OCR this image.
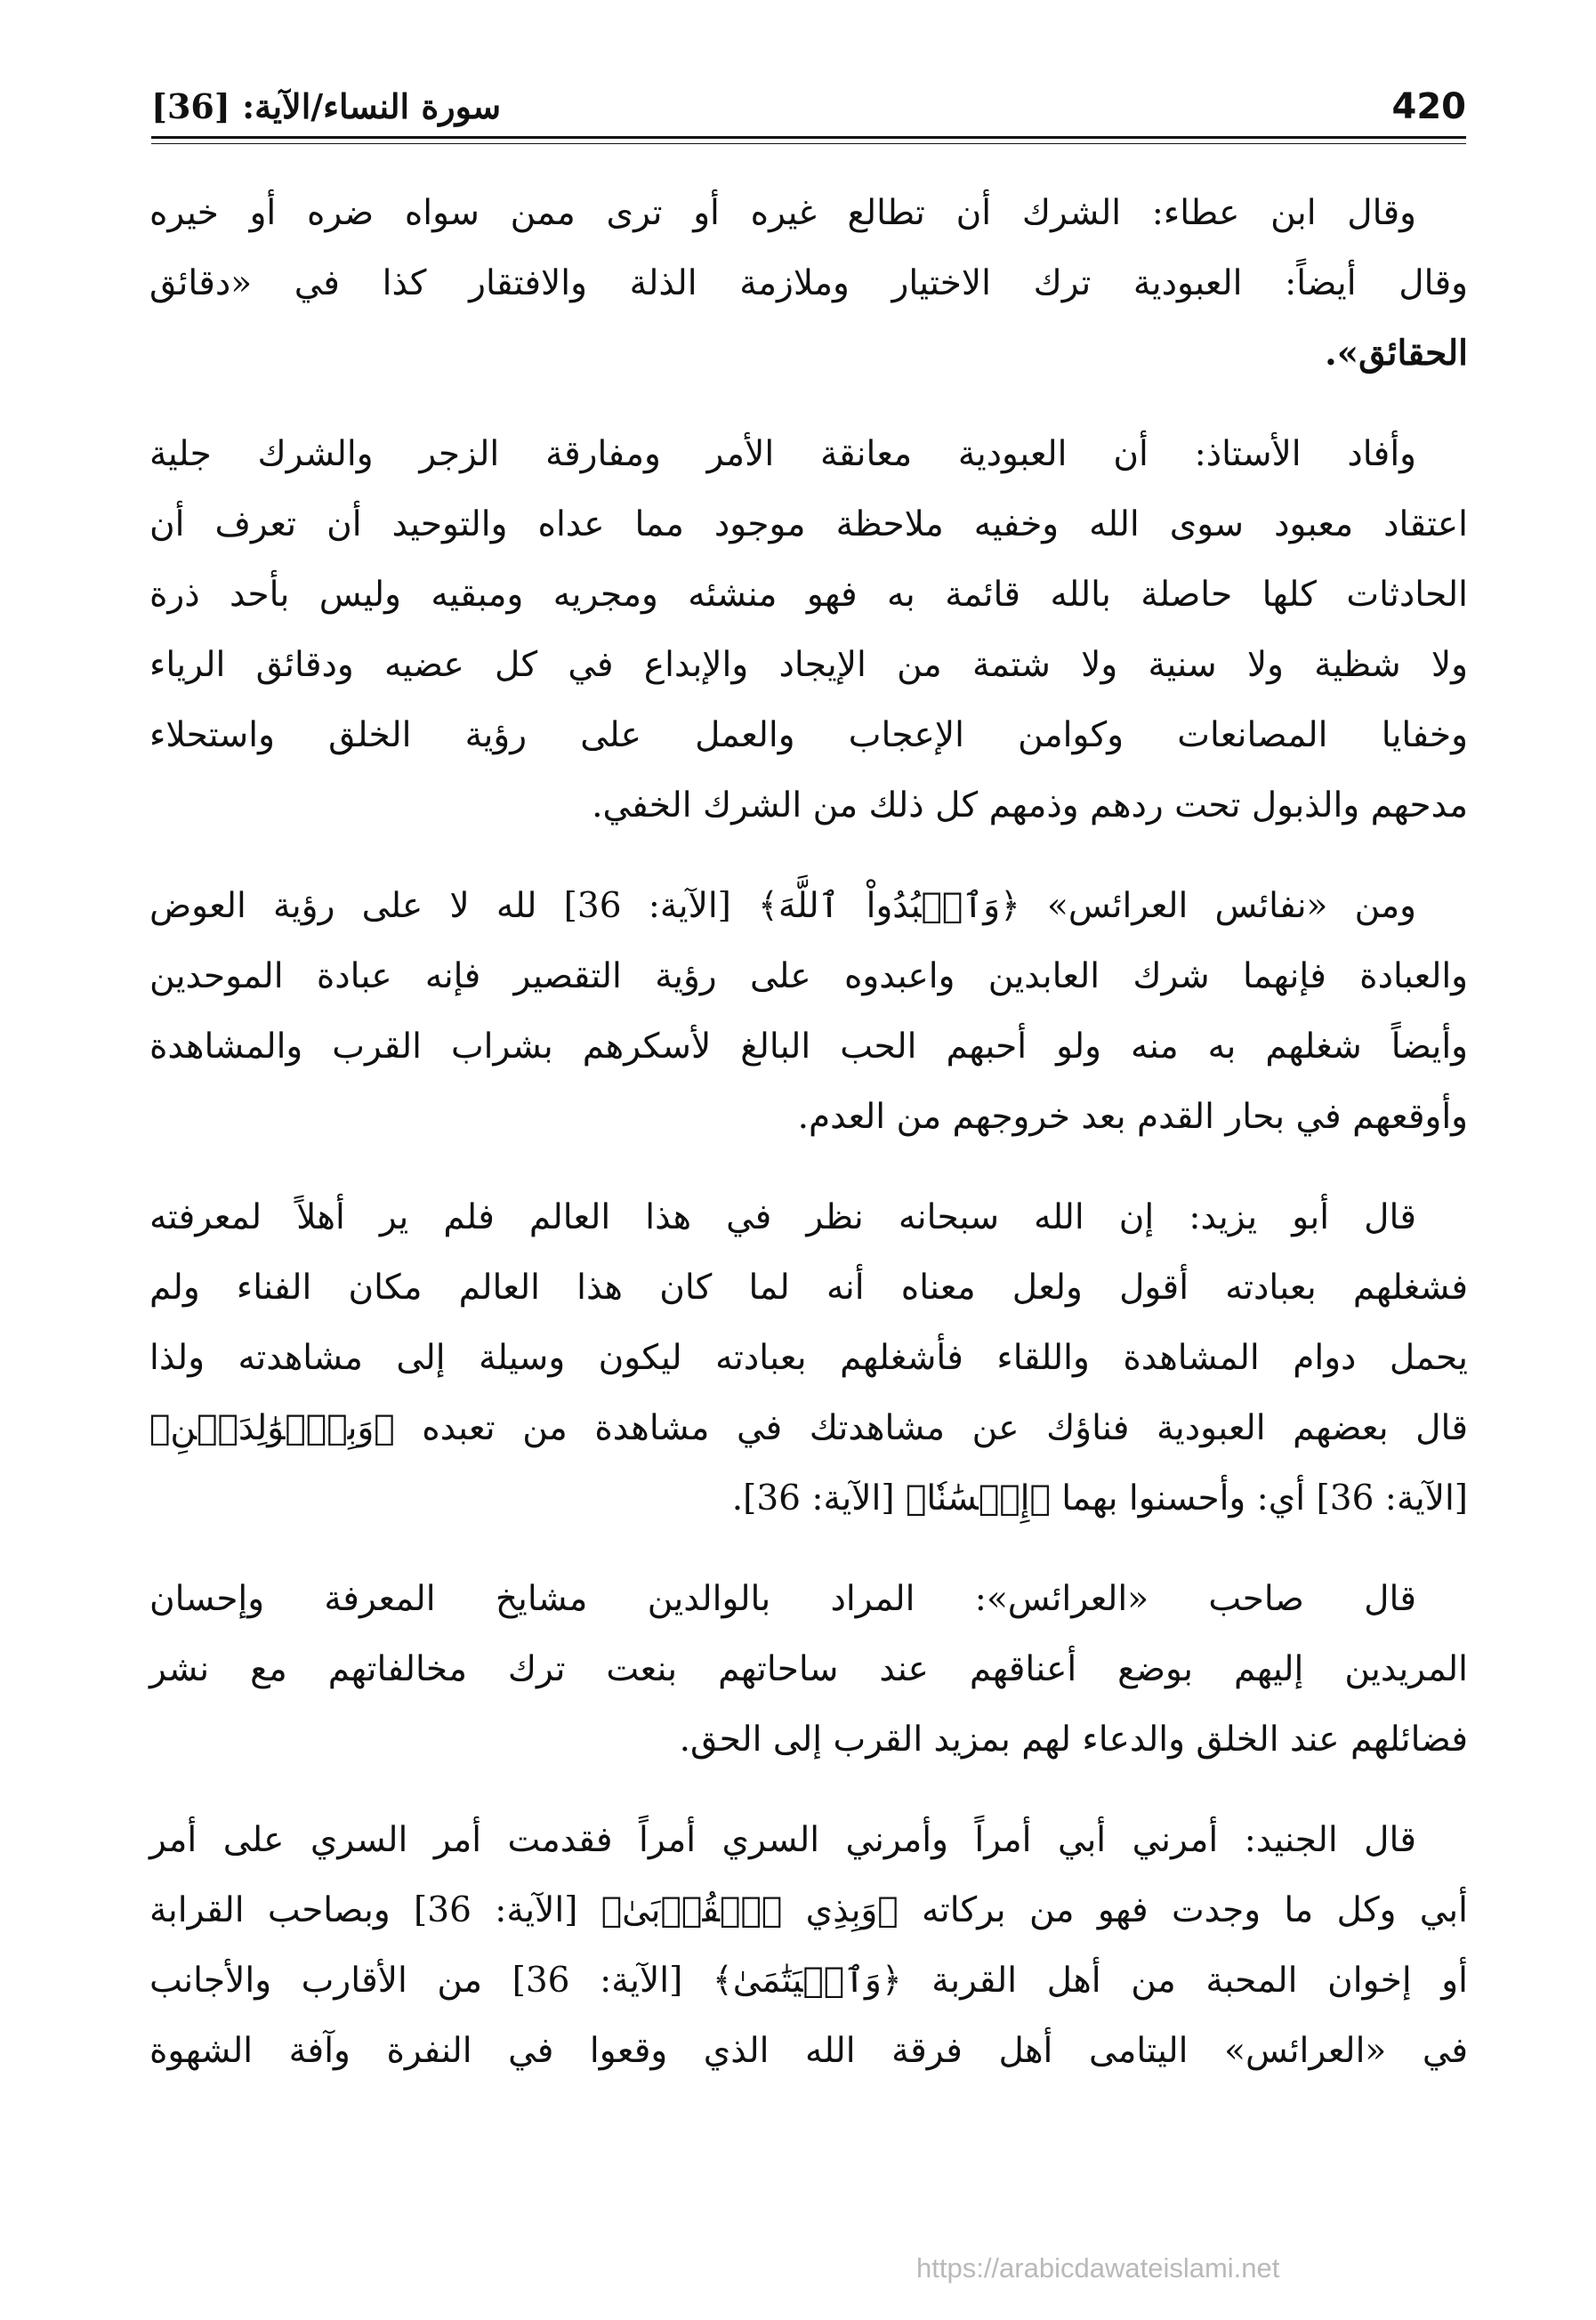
420
سورة النساء/الآية: [36]

وقال ابن عطاء: الشرك أن تطالع غيره أو ترى ممن سواه ضره أو خيره
وقال أيضاً: العبودية ترك الاختيار وملازمة الذلة والافتقار كذا في «دقائق
الحقائق».

وأفاد الأستاذ: أن العبودية معانقة الأمر ومفارقة الزجر والشرك جلية
اعتقاد معبود سوى الله وخفيه ملاحظة موجود مما عداه والتوحيد أن تعرف أن
الحادثات كلها حاصلة بالله قائمة به فهو منشئه ومجريه ومبقيه وليس بأحد ذرة
ولا شظية ولا سنية ولا شتمة من الإيجاد والإبداع في كل عضيه ودقائق الرياء
وخفايا المصانعات وكوامن الإعجاب والعمل على رؤية الخلق واستحلاء
مدحهم والذبول تحت ردهم وذمهم كل ذلك من الشرك الخفي.

ومن «نفائس العرائس» ﴿وَٱعۡبُدُواْ ٱللَّهَ﴾ [الآية: 36] لله لا على رؤية العوض
والعبادة فإنهما شرك العابدين واعبدوه على رؤية التقصير فإنه عبادة الموحدين
وأيضاً شغلهم به منه ولو أحبهم الحب البالغ لأسكرهم بشراب القرب والمشاهدة
وأوقعهم في بحار القدم بعد خروجهم من العدم.

قال أبو يزيد: إن الله سبحانه نظر في هذا العالم فلم ير أهلاً لمعرفته
فشغلهم بعبادته أقول ولعل معناه أنه لما كان هذا العالم مكان الفناء ولم
يحمل دوام المشاهدة واللقاء فأشغلهم بعبادته ليكون وسيلة إلى مشاهدته ولذا
قال بعضهم العبودية فناؤك عن مشاهدتك في مشاهدة من تعبده ﴿وَبِٱلۡوَٰلِدَيۡنِ﴾
[الآية: 36] أي: وأحسنوا بهما ﴿إِحۡسَٰنٗا﴾ [الآية: 36].

قال صاحب «العرائس»: المراد بالوالدين مشايخ المعرفة وإحسان
المريدين إليهم بوضع أعناقهم عند ساحاتهم بنعت ترك مخالفاتهم مع نشر
فضائلهم عند الخلق والدعاء لهم بمزيد القرب إلى الحق.

قال الجنيد: أمرني أبي أمراً وأمرني السري أمراً فقدمت أمر السري على أمر
أبي وكل ما وجدت فهو من بركاته ﴿وَبِذِي ٱلۡقُرۡبَىٰ﴾ [الآية: 36] وبصاحب القرابة
أو إخوان المحبة من أهل القربة ﴿وَٱلۡيَتَٰمَىٰ﴾ [الآية: 36] من الأقارب والأجانب
في «العرائس» اليتامى أهل فرقة الله الذي وقعوا في النفرة وآفة الشهوة

https://arabicdawateislami.net
